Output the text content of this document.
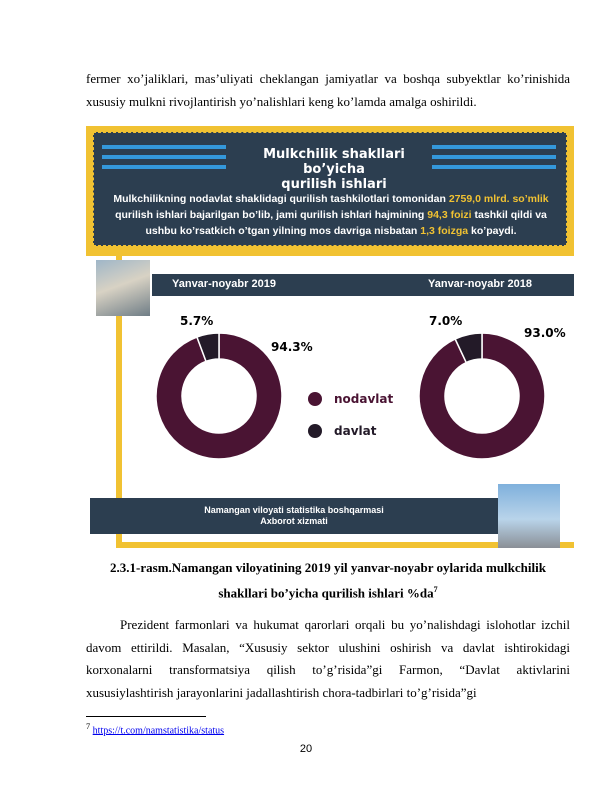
fermer xo’jaliklari, mas’uliyati cheklangan jamiyatlar va boshqa subyektlar ko’rinishida xususiy mulkni rivojlantirish yo’nalishlari keng ko’lamda amalga oshirildi.

Mulkchilik shakllari bo’yicha
qurilish ishlari
Mulkchilikning nodavlat shaklidagi qurilish tashkilotlari tomonidan 2759,0 mlrd. so’mlik qurilish ishlari bajarilgan bo’lib, jami qurilish ishlari hajmining 94,3 foizi tashkil qildi va ushbu ko’rsatkich o’tgan yilning mos davriga nisbatan 1,3 foizga ko’paydi.
Yanvar-noyabr 2019	Yanvar-noyabr 2018
5.7%
94.3%
7.0%
93.0%
nodavlat
davlat
Namangan viloyati statistika boshqarmasi
Axborot xizmati
2.3.1-rasm.Namangan viloyatining 2019 yil yanvar-noyabr oylarida mulkchilik
shakllari bo’yicha qurilish ishlari $\%da^7$

Prezident farmonlari va hukumat qarorlari orqali bu yo’nalishdagi islohotlar izchil davom ettirildi. Masalan, “Xususiy sektor ulushini oshirish va davlat ishtirokidagi korxonalarni transformatsiya qilish to’g’risida”gi Farmon, “Davlat aktivlarini xususiylashtirish jarayonlarini jadallashtirish chora-tadbirlari to’g’risida”gi

$^7$ https://t.com/namstatistika/status
20
